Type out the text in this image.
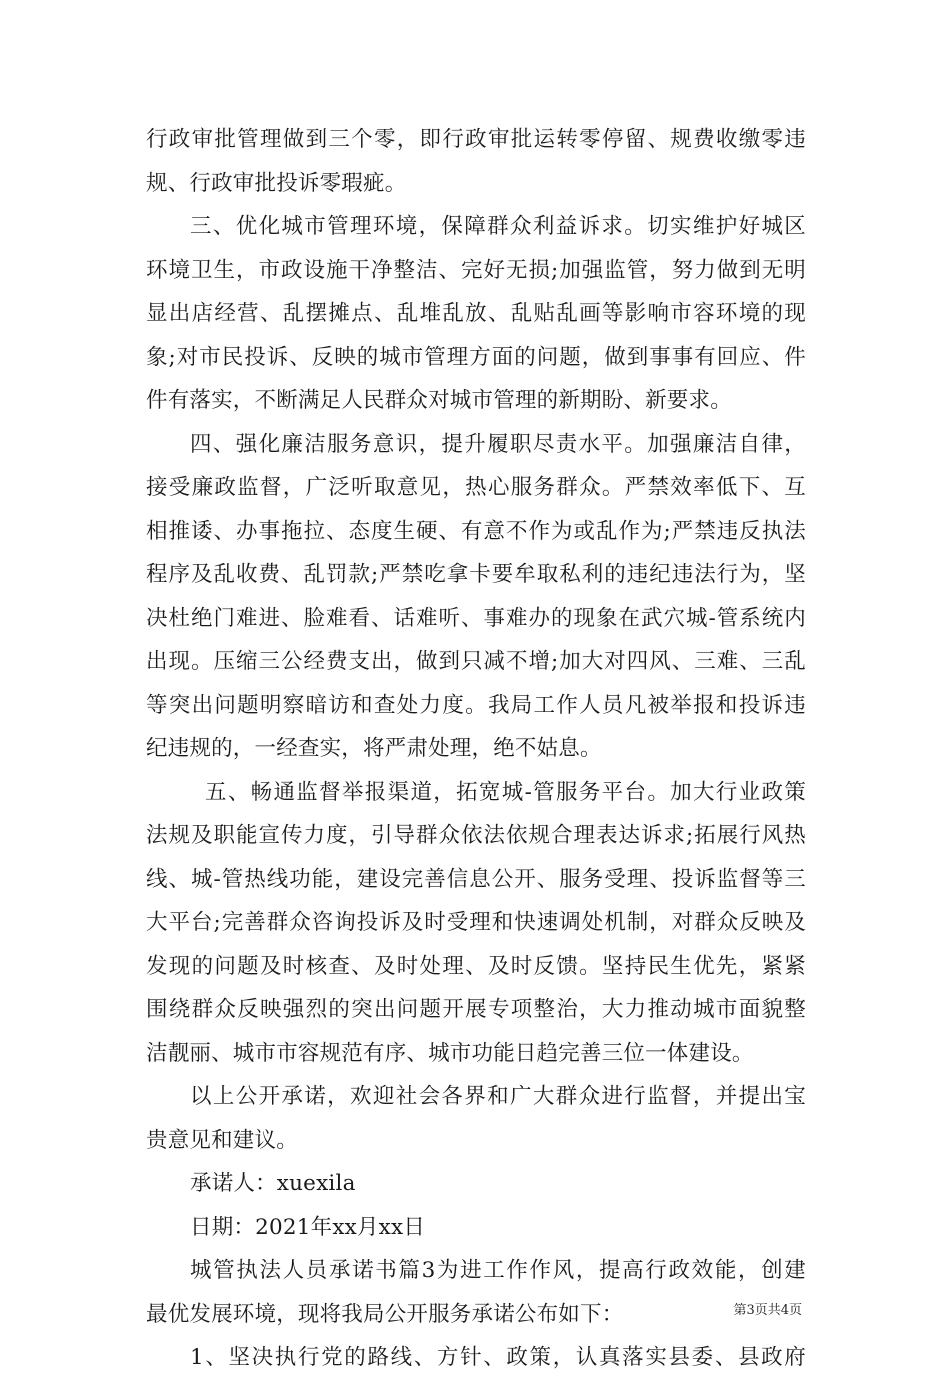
行政审批管理做到三个零，即行政审批运转零停留、规费收缴零违
规、行政审批投诉零瑕疵。
三、优化城市管理环境，保障群众利益诉求。切实维护好城区
环境卫生，市政设施干净整洁、完好无损;加强监管，努力做到无明
显出店经营、乱摆摊点、乱堆乱放、乱贴乱画等影响市容环境的现
象;对市民投诉、反映的城市管理方面的问题，做到事事有回应、件
件有落实，不断满足人民群众对城市管理的新期盼、新要求。
四、强化廉洁服务意识，提升履职尽责水平。加强廉洁自律，
接受廉政监督，广泛听取意见，热心服务群众。严禁效率低下、互
相推诿、办事拖拉、态度生硬、有意不作为或乱作为;严禁违反执法
程序及乱收费、乱罚款;严禁吃拿卡要牟取私利的违纪违法行为，坚
决杜绝门难进、脸难看、话难听、事难办的现象在武穴城-管系统内
出现。压缩三公经费支出，做到只减不增;加大对四风、三难、三乱
等突出问题明察暗访和查处力度。我局工作人员凡被举报和投诉违
纪违规的，一经查实，将严肃处理，绝不姑息。
五、畅通监督举报渠道，拓宽城-管服务平台。加大行业政策
法规及职能宣传力度，引导群众依法依规合理表达诉求;拓展行风热
线、城-管热线功能，建设完善信息公开、服务受理、投诉监督等三
大平台;完善群众咨询投诉及时受理和快速调处机制，对群众反映及
发现的问题及时核查、及时处理、及时反馈。坚持民生优先，紧紧
围绕群众反映强烈的突出问题开展专项整治，大力推动城市面貌整
洁靓丽、城市市容规范有序、城市功能日趋完善三位一体建设。
以上公开承诺，欢迎社会各界和广大群众进行监督，并提出宝
贵意见和建议。
承诺人：xuexila
日期：2021年xx月xx日
城管执法人员承诺书篇3为进工作作风，提高行政效能，创建
最优发展环境，现将我局公开服务承诺公布如下：
1、坚决执行党的路线、方针、政策，认真落实县委、县政府
第3页共4页
